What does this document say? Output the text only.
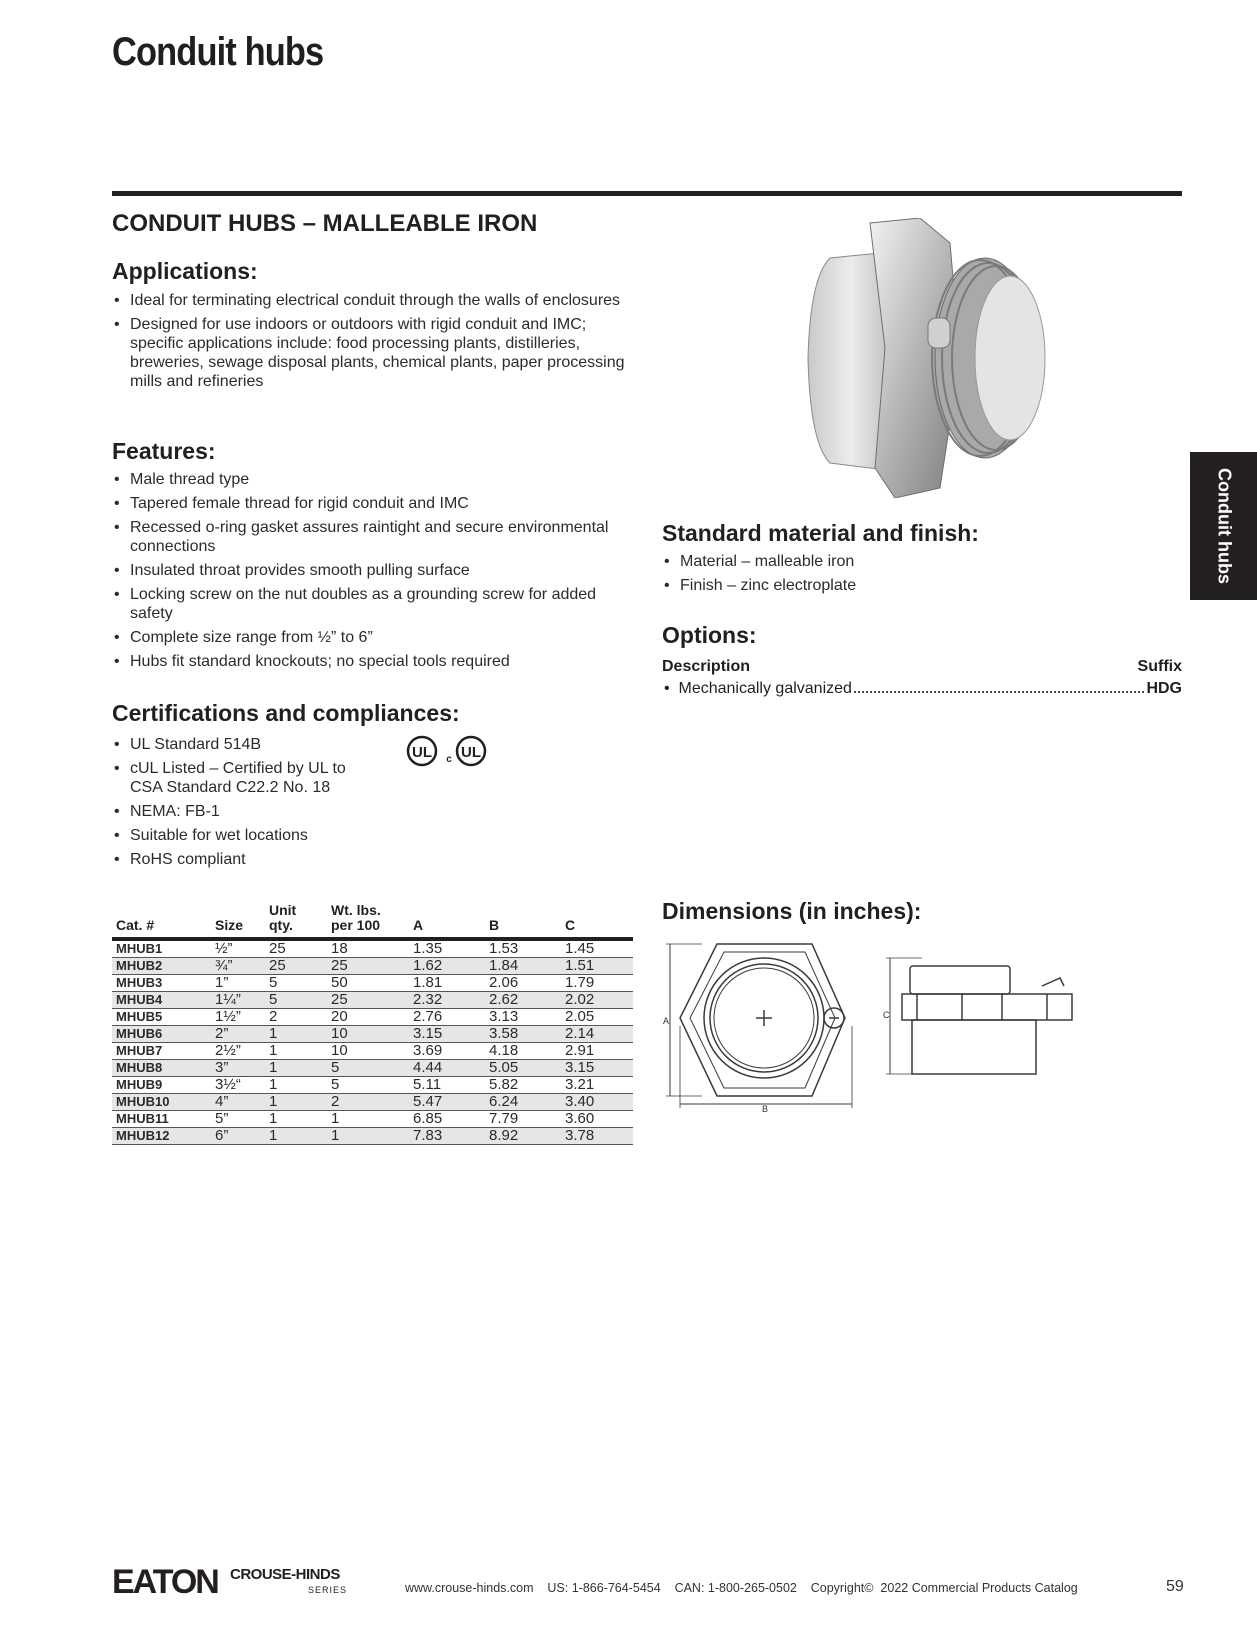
Conduit hubs
CONDUIT HUBS – MALLEABLE IRON
Applications:
• Ideal for terminating electrical conduit through the walls of enclosures
• Designed for use indoors or outdoors with rigid conduit and IMC; specific applications include: food processing plants, distilleries, breweries, sewage disposal plants, chemical plants, paper processing mills and refineries
Features:
• Male thread type
• Tapered female thread for rigid conduit and IMC
• Recessed o-ring gasket assures raintight and secure environmental connections
• Insulated throat provides smooth pulling surface
• Locking screw on the nut doubles as a grounding screw for added safety
• Complete size range from ½” to 6”
• Hubs fit standard knockouts; no special tools required
Certifications and compliances:
• UL Standard 514B
• cUL Listed – Certified by UL to CSA Standard C22.2 No. 18
• NEMA: FB-1
• Suitable for wet locations
• RoHS compliant
UL c UL
Standard material and finish:
• Material – malleable iron
• Finish – zinc electroplate
Options:
Description	Suffix
• Mechanically galvanized	HDG
Conduit hubs
Cat. #	Size	Unit qty.	Wt. lbs. per 100	A	B	C
MHUB1	½”	25	18	1.35	1.53	1.45
MHUB2	¾”	25	25	1.62	1.84	1.51
MHUB3	1”	5	50	1.81	2.06	1.79
MHUB4	1¼”	5	25	2.32	2.62	2.02
MHUB5	1½”	2	20	2.76	3.13	2.05
MHUB6	2”	1	10	3.15	3.58	2.14
MHUB7	2½”	1	10	3.69	4.18	2.91
MHUB8	3”	1	5	4.44	5.05	3.15
MHUB9	3½“	1	5	5.11	5.82	3.21
MHUB10	4”	1	2	5.47	6.24	3.40
MHUB11	5”	1	1	6.85	7.79	3.60
MHUB12	6”	1	1	7.83	8.92	3.78
Dimensions (in inches):
A
B
C
EATON CROUSE-HINDS
SERIES	www.crouse-hinds.com    US: 1-866-764-5454    CAN: 1-800-265-0502    Copyright©  2022 Commercial Products Catalog	59
